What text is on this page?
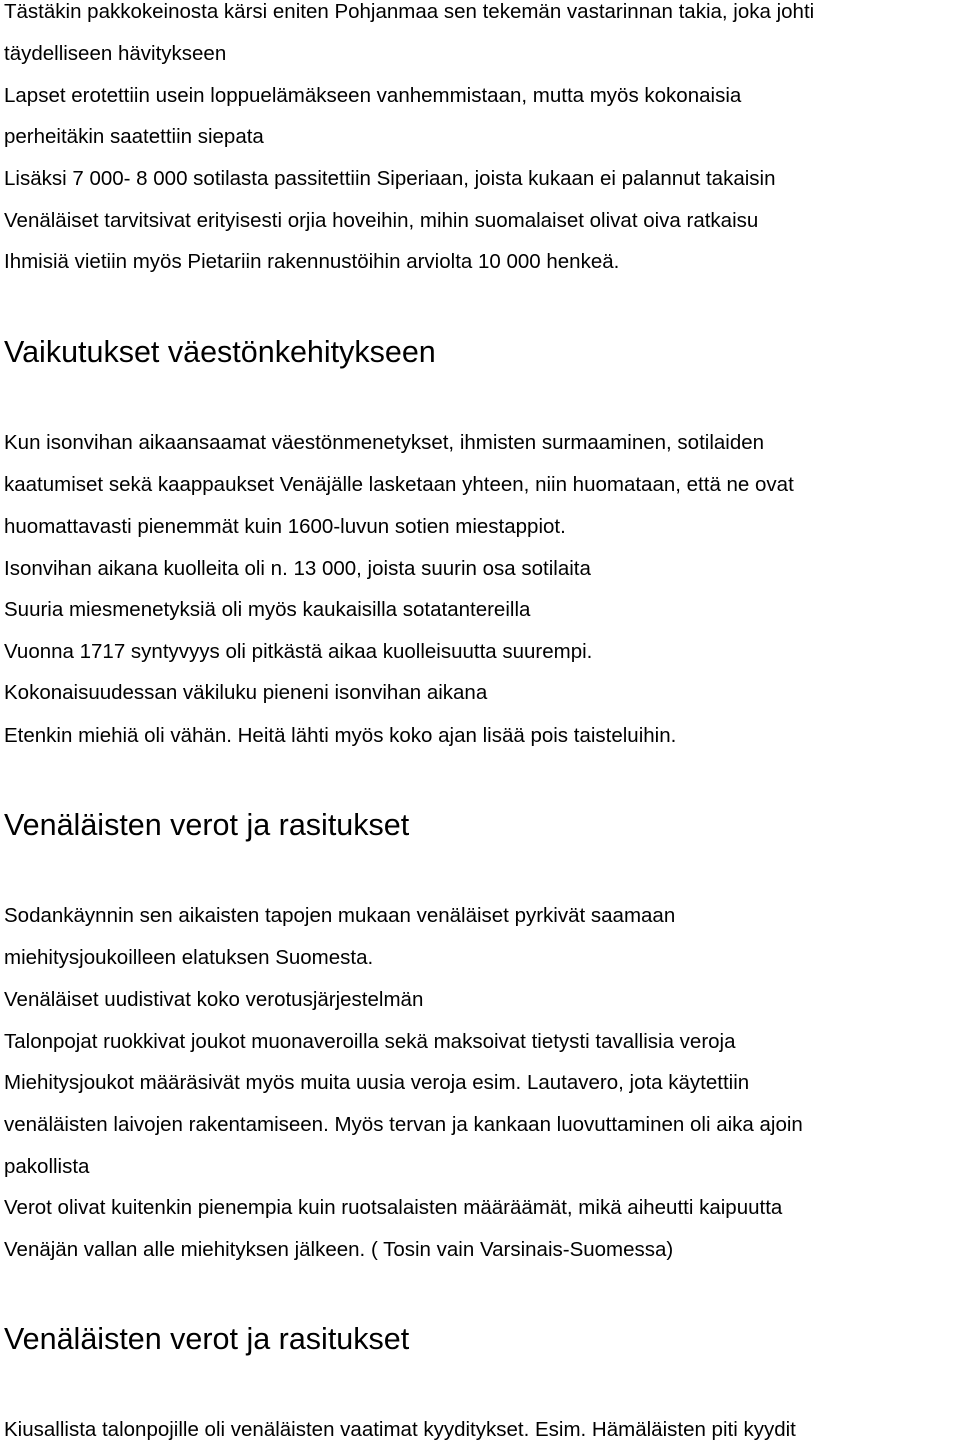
Tästäkin pakkokeinosta kärsi eniten Pohjanmaa sen tekemän vastarinnan takia, joka johti
täydelliseen hävitykseen
Lapset erotettiin usein loppuelämäkseen vanhemmistaan, mutta myös kokonaisia
perheitäkin saatettiin siepata
Lisäksi 7 000- 8 000 sotilasta passitettiin Siperiaan, joista kukaan ei palannut takaisin
Venäläiset tarvitsivat erityisesti orjia hoveihin, mihin suomalaiset olivat oiva ratkaisu
Ihmisiä vietiin myös Pietariin rakennustöihin arviolta 10 000 henkeä.
Vaikutukset väestönkehitykseen
Kun isonvihan aikaansaamat väestönmenetykset, ihmisten surmaaminen, sotilaiden
kaatumiset sekä kaappaukset Venäjälle lasketaan yhteen, niin huomataan, että ne ovat
huomattavasti pienemmät kuin 1600-luvun sotien miestappiot.
Isonvihan aikana kuolleita oli n. 13 000, joista suurin osa sotilaita
Suuria miesmenetyksiä oli myös kaukaisilla sotatantereilla
Vuonna 1717 syntyvyys oli pitkästä aikaa kuolleisuutta suurempi.
Kokonaisuudessan väkiluku pieneni isonvihan aikana
Etenkin miehiä oli vähän. Heitä lähti myös koko ajan lisää pois taisteluihin.
Venäläisten verot ja rasitukset
Sodankäynnin sen aikaisten tapojen mukaan venäläiset pyrkivät saamaan
miehitysjoukoilleen elatuksen Suomesta.
Venäläiset uudistivat koko verotusjärjestelmän
Talonpojat ruokkivat joukot muonaveroilla sekä maksoivat tietysti tavallisia veroja
Miehitysjoukot määräsivät myös muita uusia veroja esim. Lautavero, jota käytettiin
venäläisten laivojen rakentamiseen. Myös tervan ja kankaan luovuttaminen oli aika ajoin
pakollista
Verot olivat kuitenkin pienempia kuin ruotsalaisten määräämät, mikä aiheutti kaipuutta
Venäjän vallan alle miehityksen jälkeen. ( Tosin vain Varsinais-Suomessa)
Venäläisten verot ja rasitukset
Kiusallista talonpojille oli venäläisten vaatimat kyyditykset. Esim. Hämäläisten piti kyydit
